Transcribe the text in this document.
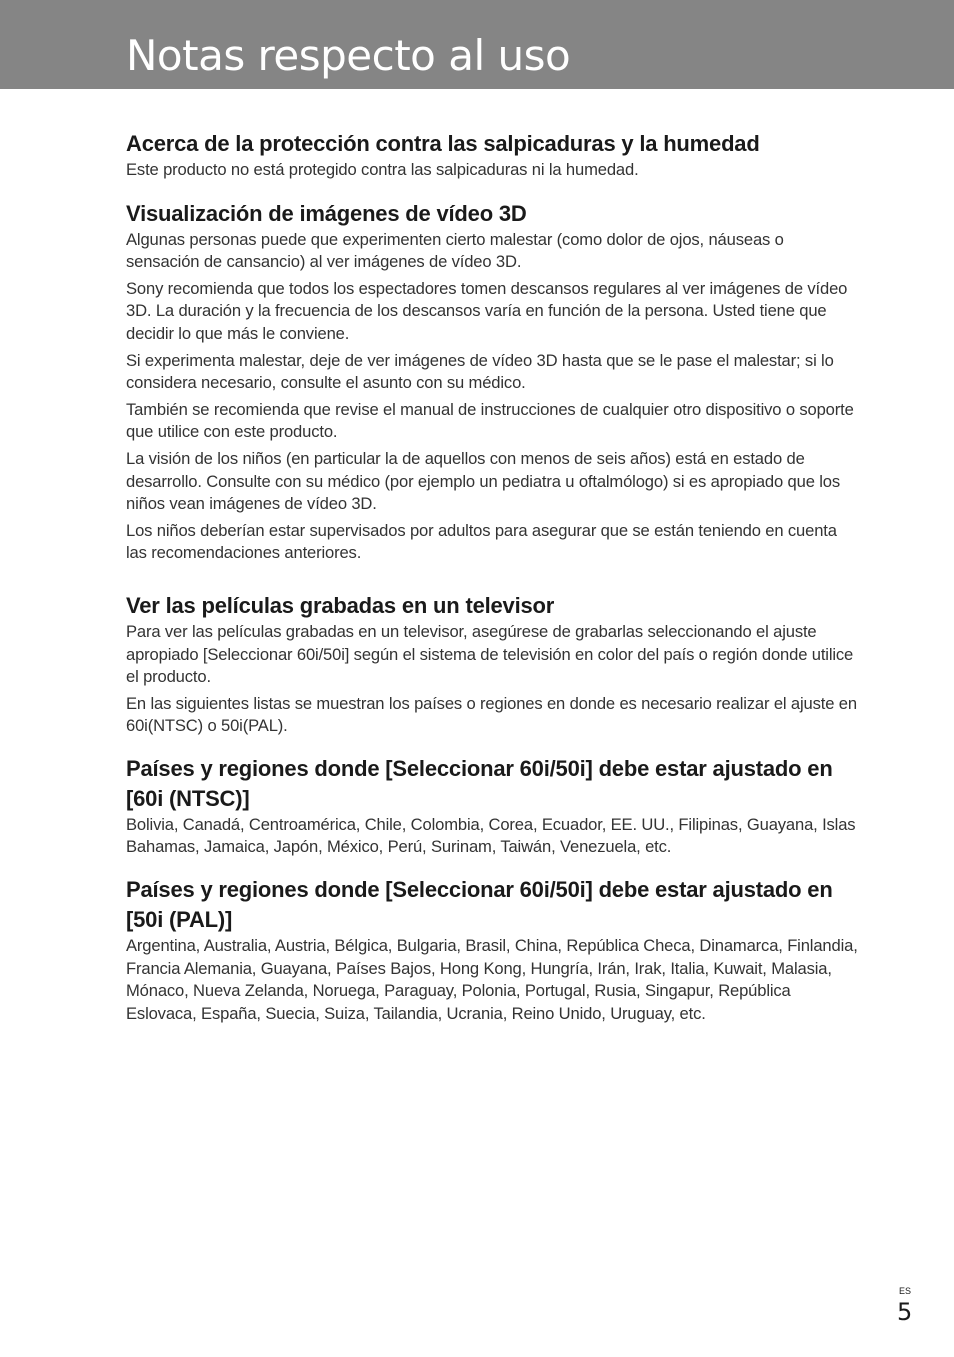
Notas respecto al uso
Acerca de la protección contra las salpicaduras y la humedad

Este producto no está protegido contra las salpicaduras ni la humedad.

Visualización de imágenes de vídeo 3D

Algunas personas puede que experimenten cierto malestar (como dolor de ojos, náuseas o sensación de cansancio) al ver imágenes de vídeo 3D.

Sony recomienda que todos los espectadores tomen descansos regulares al ver imágenes de vídeo 3D. La duración y la frecuencia de los descansos varía en función de la persona. Usted tiene que decidir lo que más le conviene.

Si experimenta malestar, deje de ver imágenes de vídeo 3D hasta que se le pase el malestar; si lo considera necesario, consulte el asunto con su médico.

También se recomienda que revise el manual de instrucciones de cualquier otro dispositivo o soporte que utilice con este producto.

La visión de los niños (en particular la de aquellos con menos de seis años) está en estado de desarrollo. Consulte con su médico (por ejemplo un pediatra u oftalmólogo) si es apropiado que los niños vean imágenes de vídeo 3D.

Los niños deberían estar supervisados por adultos para asegurar que se están teniendo en cuenta las recomendaciones anteriores.

Ver las películas grabadas en un televisor

Para ver las películas grabadas en un televisor, asegúrese de grabarlas seleccionando el ajuste apropiado [Seleccionar 60i/50i] según el sistema de televisión en color del país o región donde utilice el producto.

En las siguientes listas se muestran los países o regiones en donde es necesario realizar el ajuste en 60i(NTSC) o 50i(PAL).

Países y regiones donde [Seleccionar 60i/50i] debe estar ajustado en [60i (NTSC)]

Bolivia, Canadá, Centroamérica, Chile, Colombia, Corea, Ecuador, EE. UU., Filipinas, Guayana, Islas Bahamas, Jamaica, Japón, México, Perú, Surinam, Taiwán, Venezuela, etc.

Países y regiones donde [Seleccionar 60i/50i] debe estar ajustado en [50i (PAL)]

Argentina, Australia, Austria, Bélgica, Bulgaria, Brasil, China, República Checa, Dinamarca, Finlandia, Francia Alemania, Guayana, Países Bajos, Hong Kong, Hungría, Irán, Irak, Italia, Kuwait, Malasia, Mónaco, Nueva Zelanda, Noruega, Paraguay, Polonia, Portugal, Rusia, Singapur, República Eslovaca, España, Suecia, Suiza, Tailandia, Ucrania, Reino Unido, Uruguay, etc.

ES
5
